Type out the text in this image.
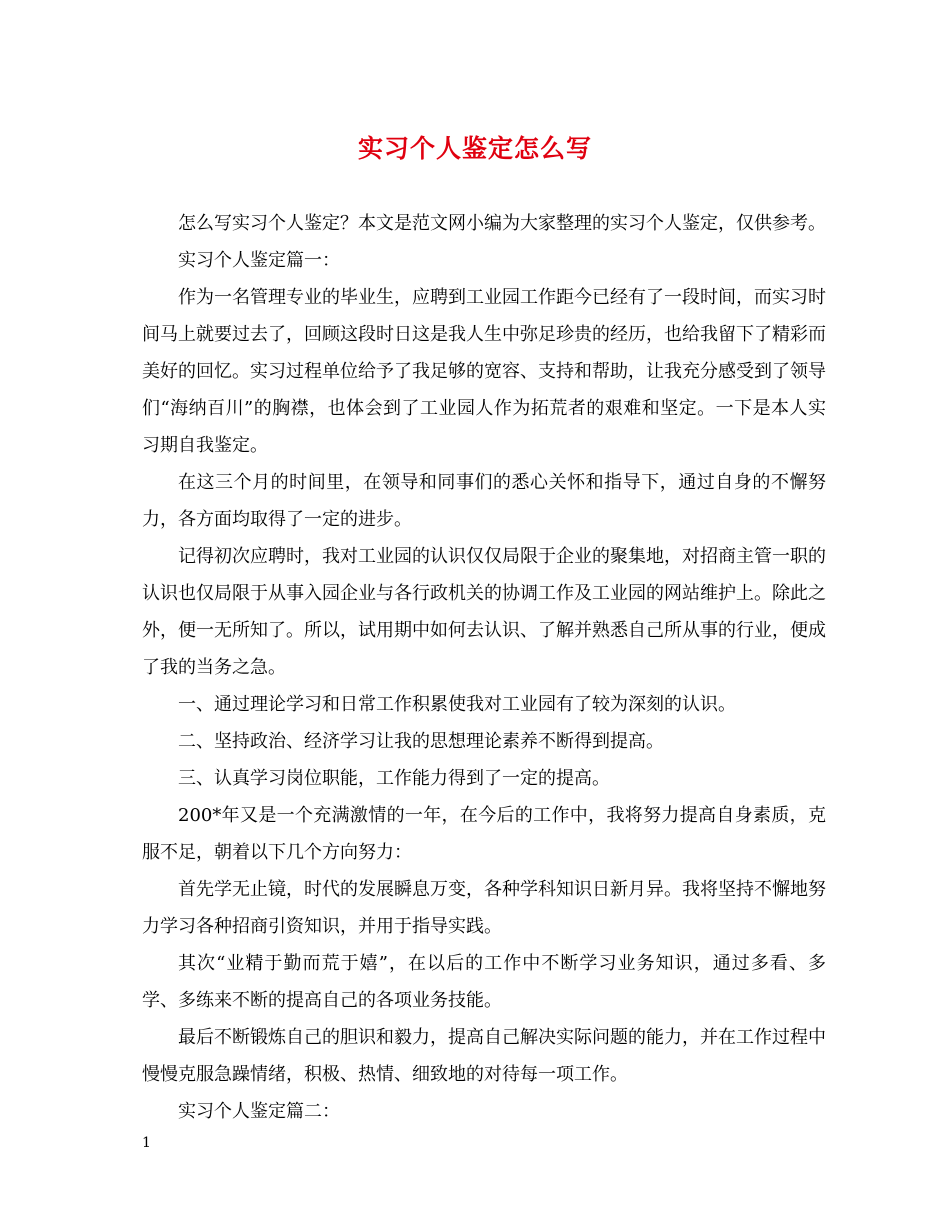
实习个人鉴定怎么写

怎么写实习个人鉴定？本文是范文网小编为大家整理的实习个人鉴定，仅供参考。

实习个人鉴定篇一：

作为一名管理专业的毕业生，应聘到工业园工作距今已经有了一段时间，而实习时间马上就要过去了，回顾这段时日这是我人生中弥足珍贵的经历，也给我留下了精彩而美好的回忆。实习过程单位给予了我足够的宽容、支持和帮助，让我充分感受到了领导们“海纳百川”的胸襟，也体会到了工业园人作为拓荒者的艰难和坚定。一下是本人实习期自我鉴定。

在这三个月的时间里，在领导和同事们的悉心关怀和指导下，通过自身的不懈努力，各方面均取得了一定的进步。

记得初次应聘时，我对工业园的认识仅仅局限于企业的聚集地，对招商主管一职的认识也仅局限于从事入园企业与各行政机关的协调工作及工业园的网站维护上。除此之外，便一无所知了。所以，试用期中如何去认识、了解并熟悉自己所从事的行业，便成了我的当务之急。

一、通过理论学习和日常工作积累使我对工业园有了较为深刻的认识。

二、坚持政治、经济学习让我的思想理论素养不断得到提高。

三、认真学习岗位职能，工作能力得到了一定的提高。

200*年又是一个充满激情的一年，在今后的工作中，我将努力提高自身素质，克服不足，朝着以下几个方向努力：

首先学无止镜，时代的发展瞬息万变，各种学科知识日新月异。我将坚持不懈地努力学习各种招商引资知识，并用于指导实践。

其次“业精于勤而荒于嬉”，在以后的工作中不断学习业务知识，通过多看、多学、多练来不断的提高自己的各项业务技能。

最后不断锻炼自己的胆识和毅力，提高自己解决实际问题的能力，并在工作过程中慢慢克服急躁情绪，积极、热情、细致地的对待每一项工作。

实习个人鉴定篇二：

1
